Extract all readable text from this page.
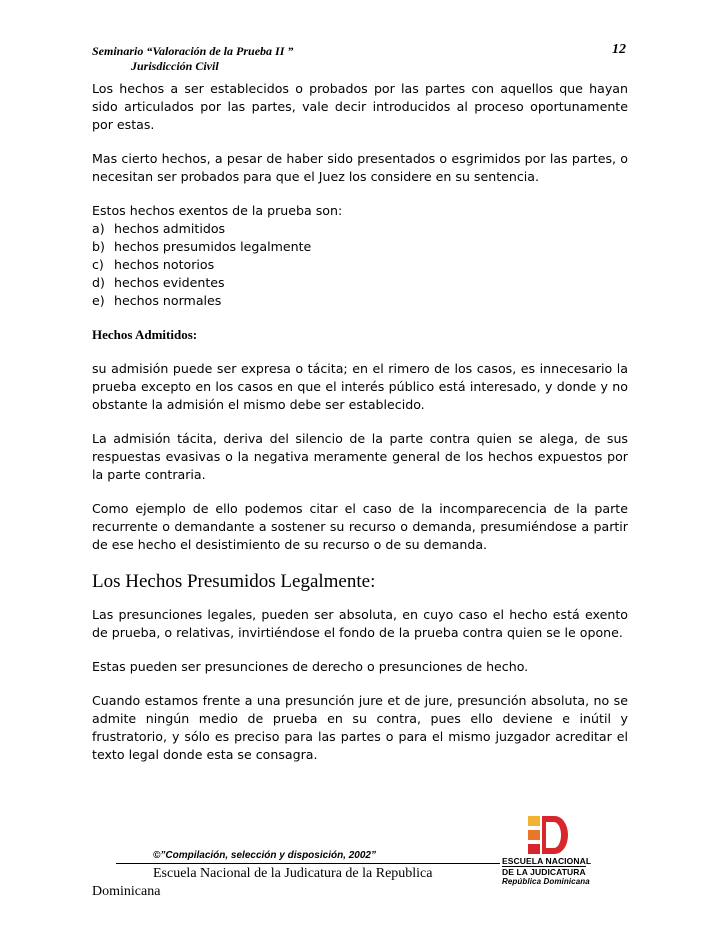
Seminario “Valoración de la Prueba II ”
Jurisdicción Civil
12

Los hechos a ser establecidos o probados por las partes con aquellos que hayan sido articulados por las partes, vale decir introducidos al proceso oportunamente por estas.

Mas cierto hechos, a pesar de haber sido presentados o esgrimidos por las partes, o necesitan ser probados para que el Juez los considere en su sentencia.

Estos hechos exentos de la prueba son:
a) hechos admitidos
b) hechos presumidos legalmente
c) hechos notorios
d) hechos evidentes
e) hechos normales
Hechos Admitidos:

su admisión puede ser expresa o tácita; en el rimero de los casos, es innecesario la prueba excepto en los casos en que el interés público está interesado, y donde y no obstante la admisión el mismo debe ser establecido.

La admisión tácita, deriva del silencio de la parte contra quien se alega, de sus respuestas evasivas o la negativa meramente general de los hechos expuestos por la parte contraria.

Como ejemplo de ello podemos citar el caso de la incomparecencia de la parte recurrente o demandante a sostener su recurso o demanda, presumiéndose a partir de ese hecho el desistimiento de su recurso o de su demanda.

Los Hechos Presumidos Legalmente:

Las presunciones legales, pueden ser absoluta, en cuyo caso el hecho está exento de prueba, o relativas, invirtiéndose el fondo de la prueba contra quien se le opone.

Estas pueden ser presunciones de derecho o presunciones de hecho.

Cuando estamos frente a una presunción jure et de jure, presunción absoluta, no se admite ningún medio de prueba en su contra, pues ello deviene e inútil y frustratorio, y sólo es preciso para las partes o para el mismo juzgador acreditar el texto legal donde esta se consagra.

©”Compilación, selección y disposición, 2002”
Escuela Nacional de la Judicatura de la Republica
Dominicana
ESCUELA NACIONAL
DE LA JUDICATURA
República Dominicana
